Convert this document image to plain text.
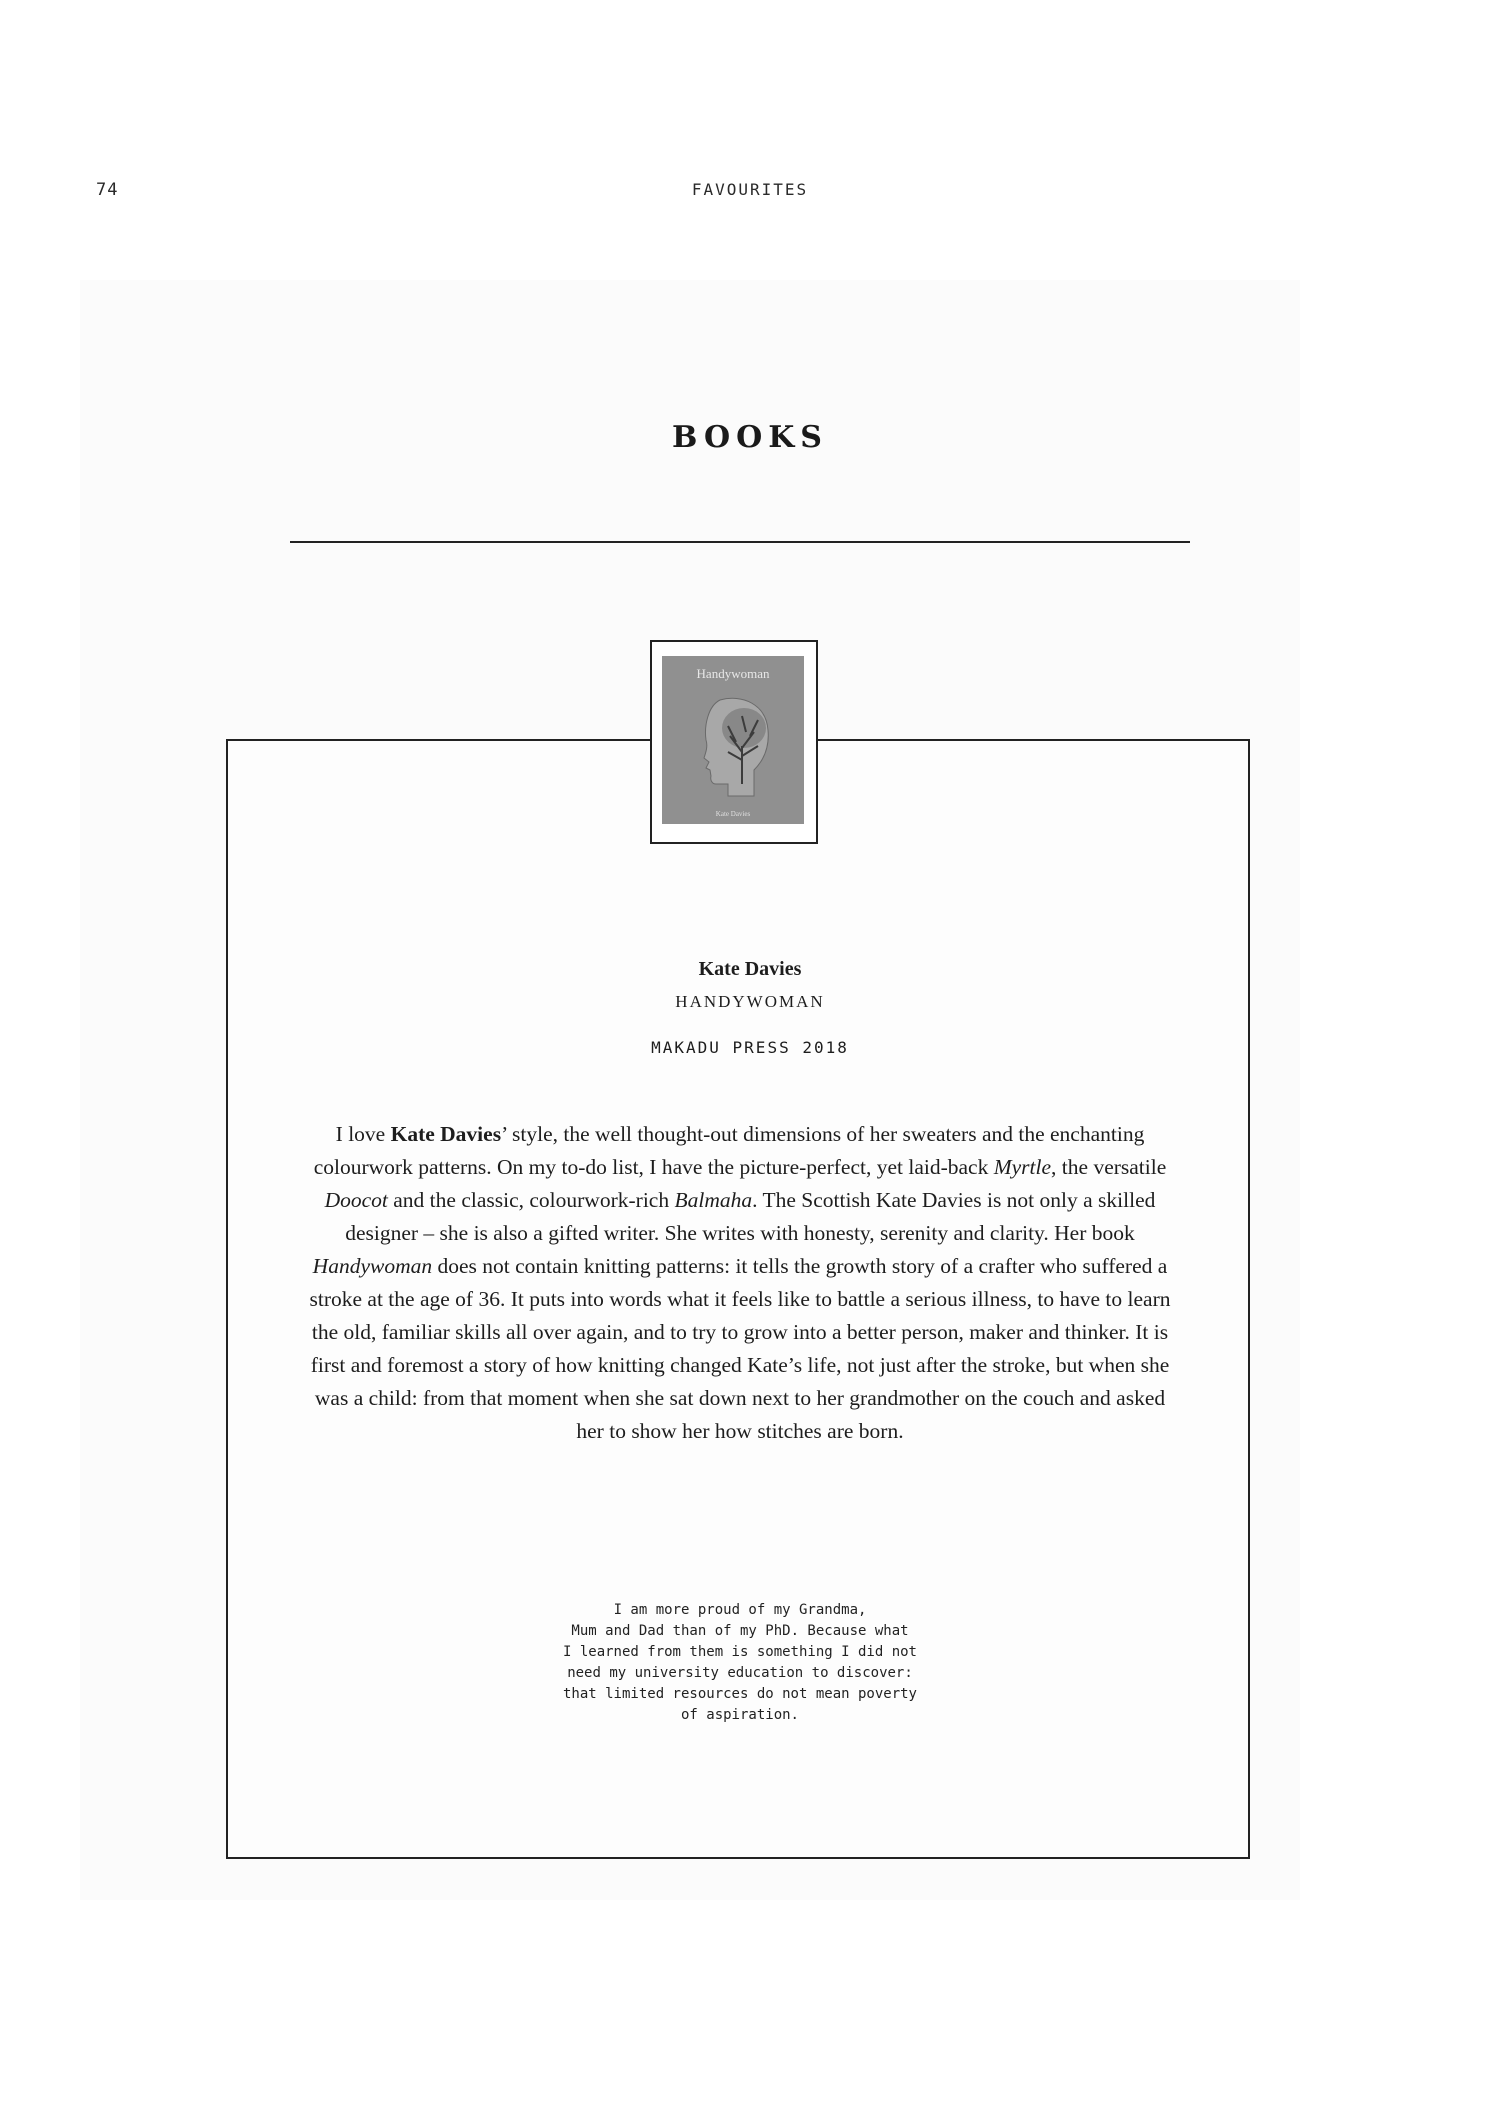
74	FAVOURITES
BOOKS
Handywoman
Kate Davies
Kate Davies
HANDYWOMAN
MAKADU PRESS 2018
I love Kate Davies’ style, the well thought-out dimensions of her sweaters and the enchanting colourwork patterns. On my to-do list, I have the picture-perfect, yet laid-back Myrtle, the versatile Doocot and the classic, colourwork-rich Balmaha. The Scottish Kate Davies is not only a skilled designer – she is also a gifted writer. She writes with honesty, serenity and clarity. Her book Handywoman does not contain knitting patterns: it tells the growth story of a crafter who suffered a stroke at the age of 36. It puts into words what it feels like to battle a serious illness, to have to learn the old, familiar skills all over again, and to try to grow into a better person, maker and thinker. It is first and foremost a story of how knitting changed Kate’s life, not just after the stroke, but when she was a child: from that moment when she sat down next to her grandmother on the couch and asked her to show her how stitches are born.
I am more proud of my Grandma,
Mum and Dad than of my PhD. Because what
I learned from them is something I did not
need my university education to discover:
that limited resources do not mean poverty
of aspiration.
